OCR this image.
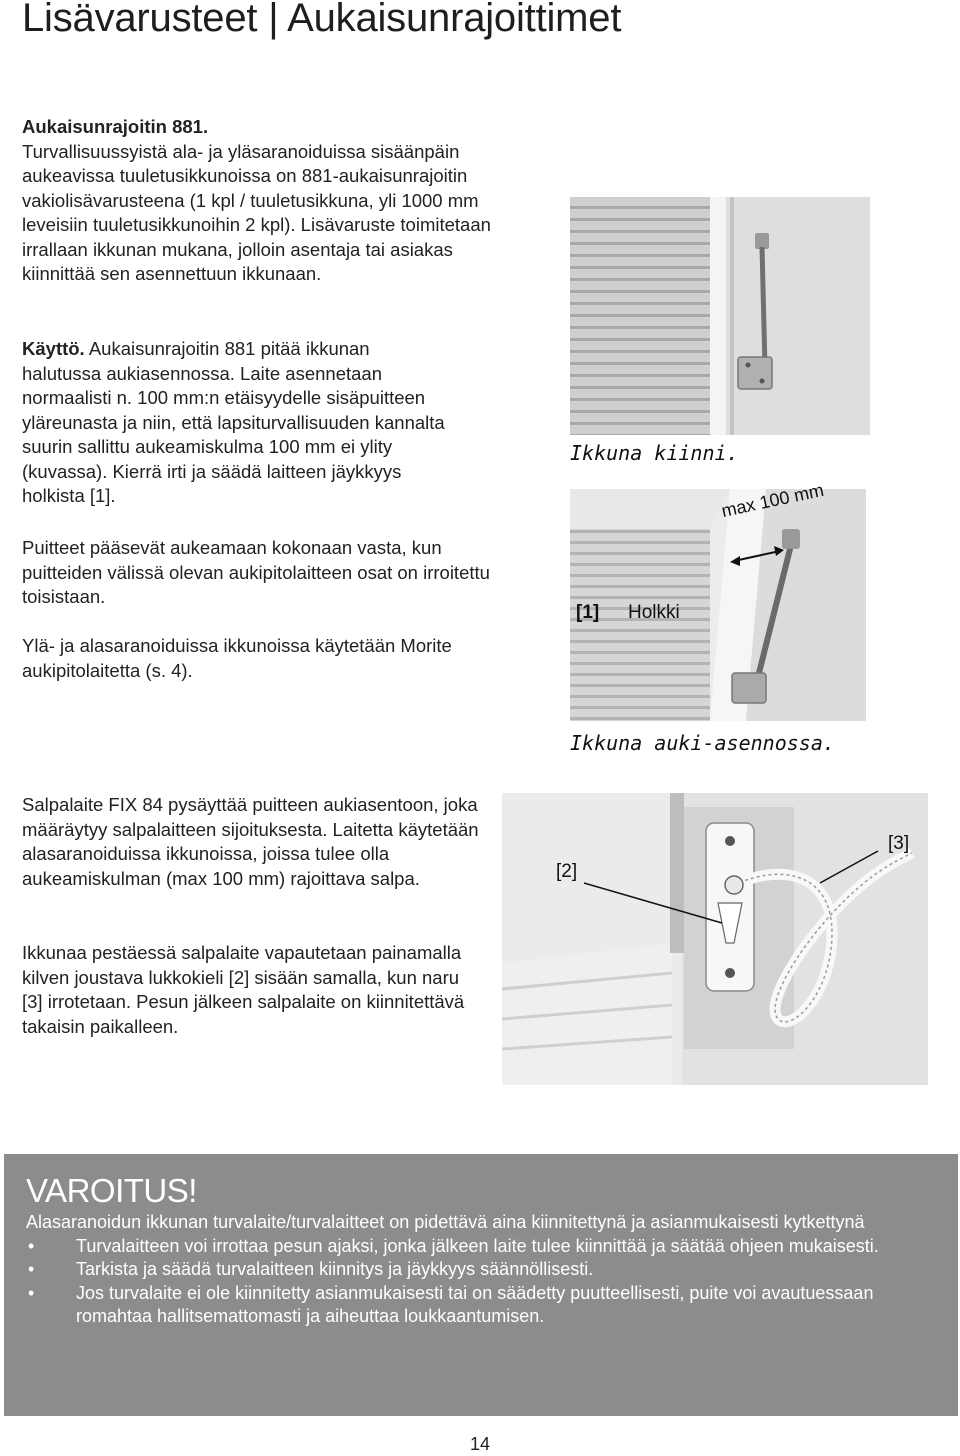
Lisävarusteet | Aukaisunrajoittimet
Aukaisunrajoitin 881.
Turvallisuussyistä ala- ja yläsaranoiduissa sisäänpäin aukeavissa tuuletusikkunoissa on 881-aukaisunrajoitin vakiolisävarusteena (1 kpl / tuuletusikkuna, yli 1000 mm leveisiin tuuletusikkunoihin 2 kpl). Lisävaruste toimitetaan irrallaan ikkunan mukana, jolloin asentaja tai asiakas kiinnittää sen asennettuun ikkunaan.
Käyttö. Aukaisunrajoitin 881 pitää ikkunan halutussa aukiasennossa. Laite asennetaan normaalisti n. 100 mm:n etäisyydelle sisäpuitteen yläreunasta ja niin, että lapsiturvallisuuden kannalta suurin sallittu aukeamiskulma 100 mm ei ylity (kuvassa). Kierrä irti ja säädä laitteen jäykkyys holkista [1].
Puitteet pääsevät aukeamaan kokonaan vasta, kun puitteiden välissä olevan aukipitolaitteen osat on irroitettu toisistaan.
Ylä- ja alasaranoiduissa ikkunoissa käytetään Morite aukipitolaitetta (s. 4).
Salpalaite FIX 84 pysäyttää puitteen aukiasentoon, joka määräytyy salpalaitteen sijoituksesta. Laitetta käytetään alasaranoiduissa ikkunoissa, joissa tulee olla aukeamiskulman (max 100 mm) rajoittava salpa.
Ikkunaa pestäessä salpalaite vapautetaan painamalla kilven joustava lukkokieli [2] sisään samalla, kun naru [3] irrotetaan. Pesun jälkeen salpalaite on kiinnitettävä takaisin paikalleen.
Ikkuna kiinni.
max 100 mm
[1] Holkki
Ikkuna auki-asennossa.
[2]
[3]
VAROITUS!
Alasaranoidun ikkunan turvalaite/turvalaitteet on pidettävä aina kiinnitettynä ja asianmukaisesti kytkettynä
• Turvalaitteen voi irrottaa pesun ajaksi, jonka jälkeen laite tulee kiinnittää ja säätää ohjeen mukaisesti.
• Tarkista ja säädä turvalaitteen kiinnitys ja jäykkyys säännöllisesti.
• Jos turvalaite ei ole kiinnitetty asianmukaisesti tai on säädetty puutteellisesti, puite voi avautuessaan romahtaa hallitsemattomasti ja aiheuttaa loukkaantumisen.
14
